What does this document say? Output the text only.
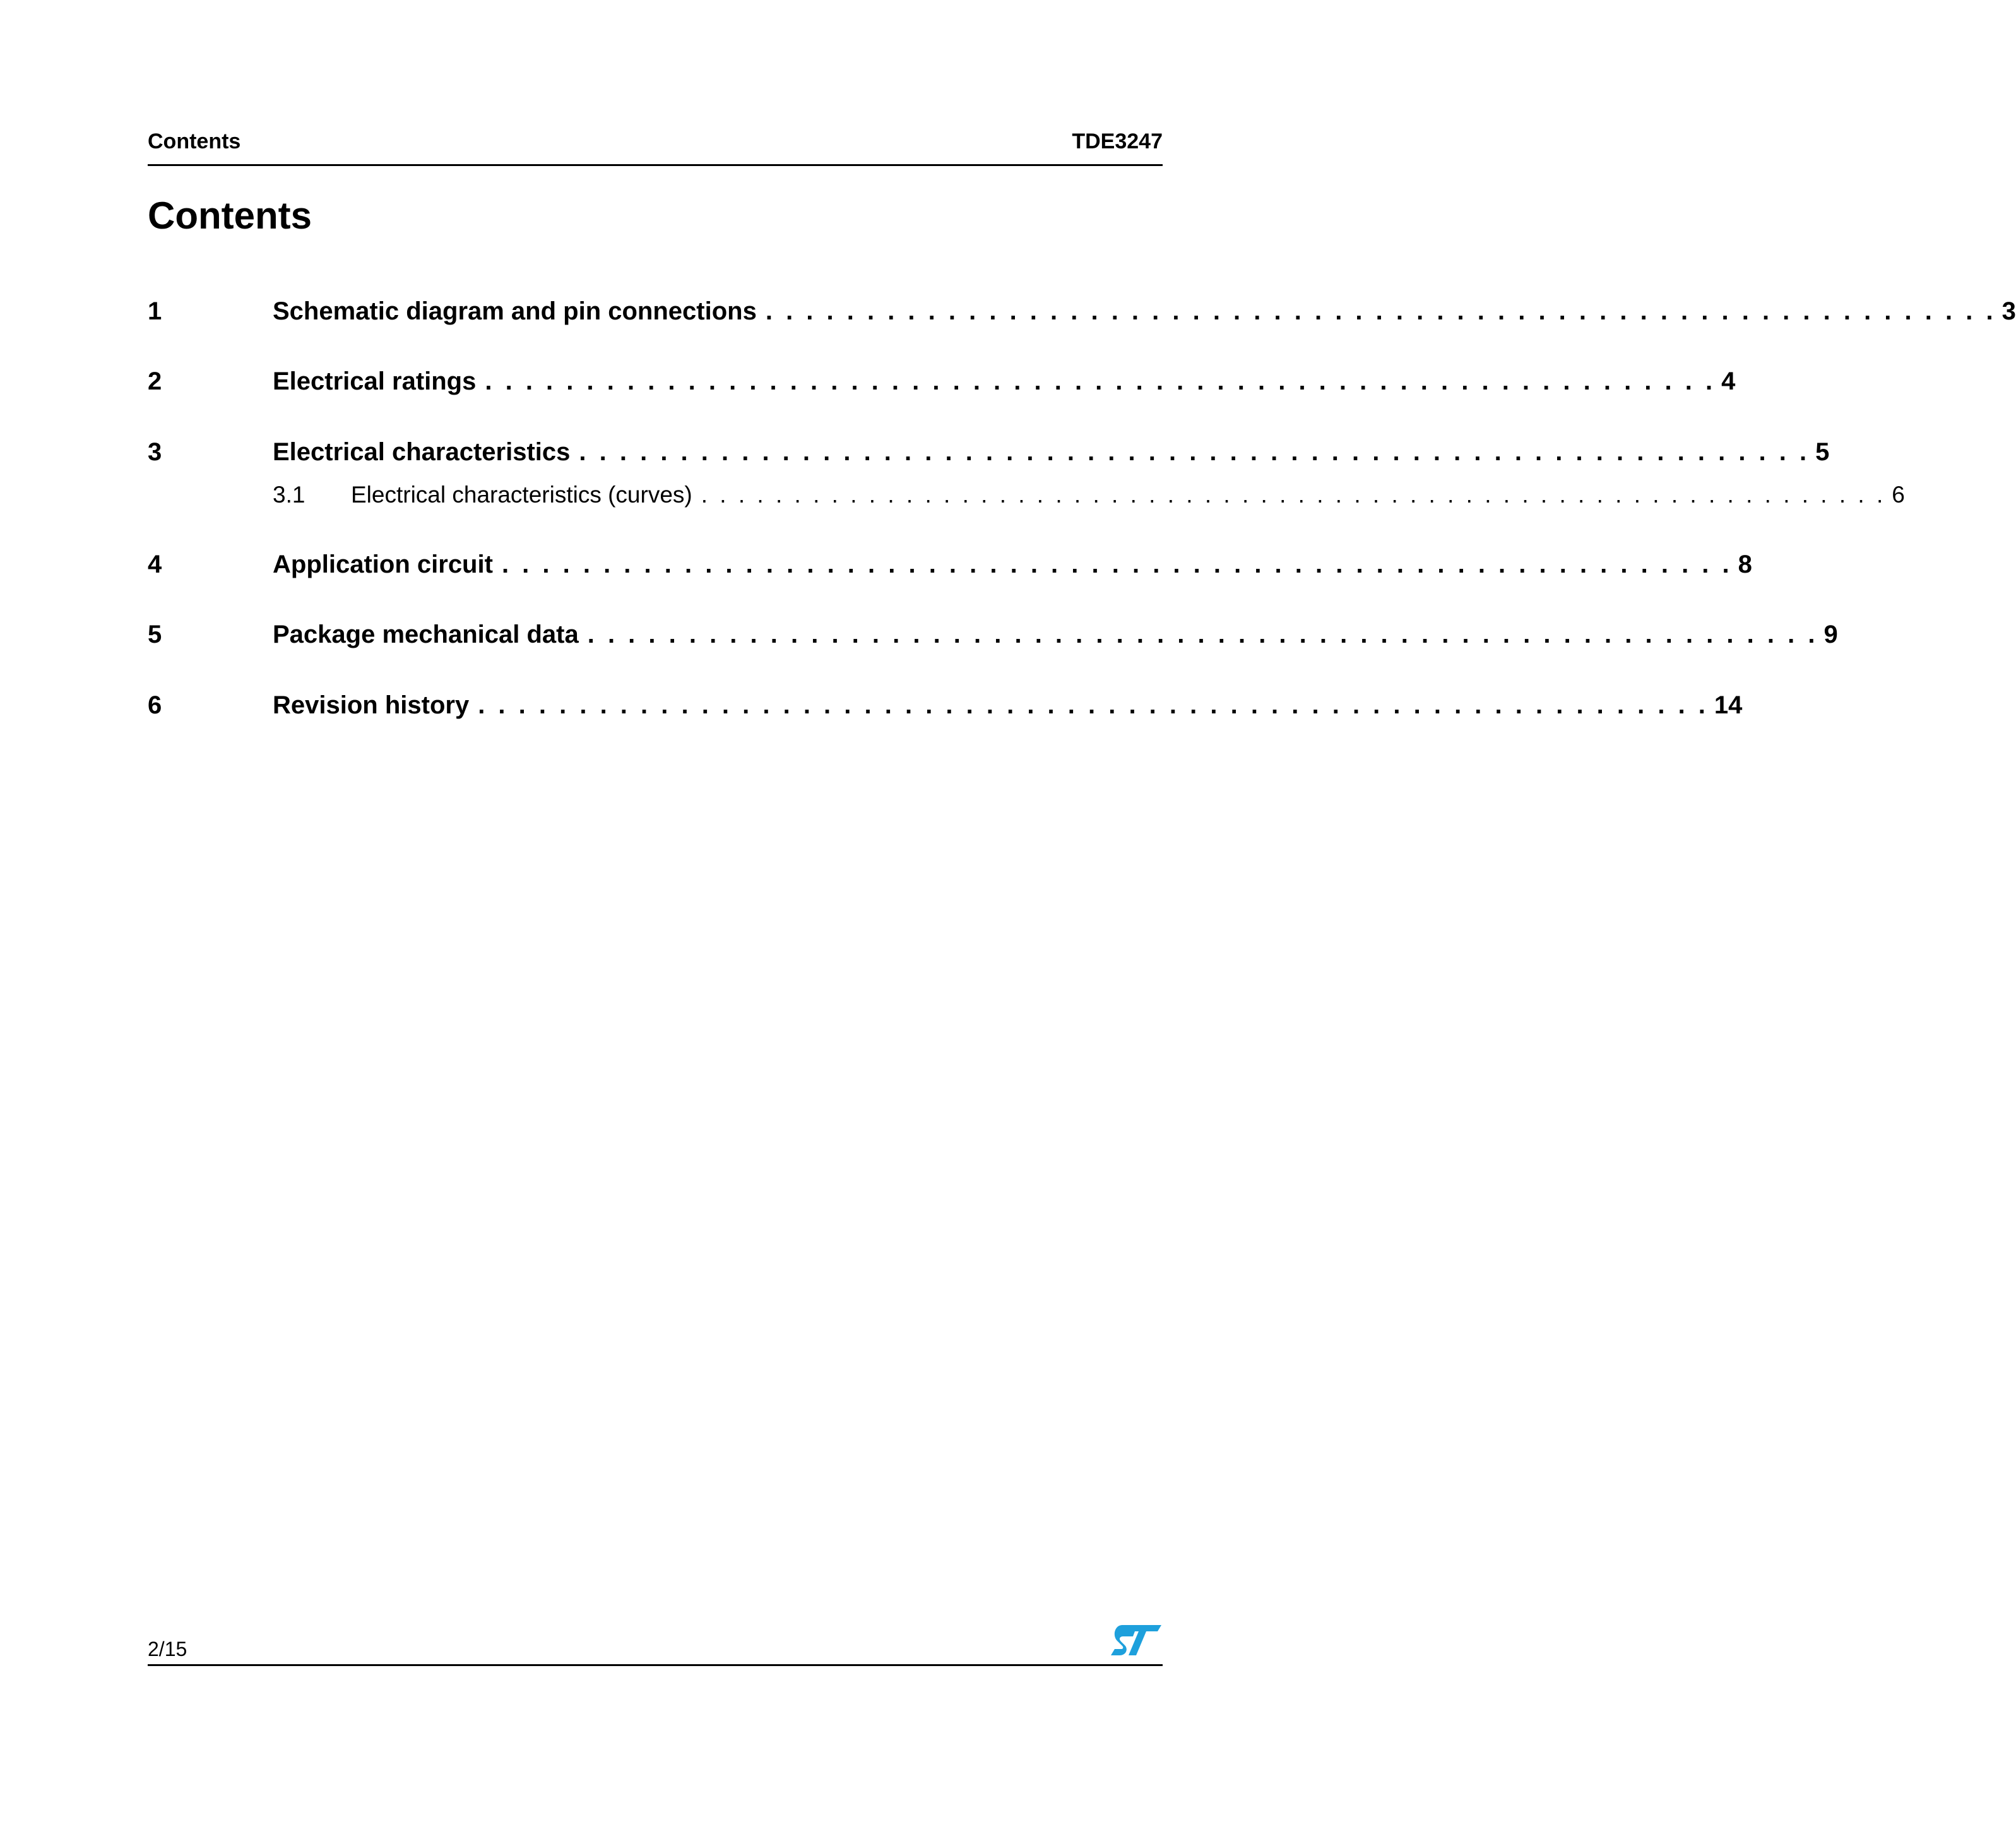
Contents	TDE3247
Contents
1	Schematic diagram and pin connections . . . . . . . . . . . . . . . . . . . . . . . . . . . . . . . . . . . . . . . . . . . . . . . . . . . . . . . . . . . . . 3
2	Electrical ratings . . . . . . . . . . . . . . . . . . . . . . . . . . . . . . . . . . . . . . . . . . . . . . . . . . . . . . . . . . . . . 4
3	Electrical characteristics . . . . . . . . . . . . . . . . . . . . . . . . . . . . . . . . . . . . . . . . . . . . . . . . . . . . . . . . . . . . . 5
3.1	Electrical characteristics (curves) . . . . . . . . . . . . . . . . . . . . . . . . . . . . . . . . . . . . . . . . . . . . . . . . . . . . . . . . . . . . . . . . 6
4	Application circuit . . . . . . . . . . . . . . . . . . . . . . . . . . . . . . . . . . . . . . . . . . . . . . . . . . . . . . . . . . . . . 8
5	Package mechanical data . . . . . . . . . . . . . . . . . . . . . . . . . . . . . . . . . . . . . . . . . . . . . . . . . . . . . . . . . . . . . 9
6	Revision history . . . . . . . . . . . . . . . . . . . . . . . . . . . . . . . . . . . . . . . . . . . . . . . . . . . . . . . . . . . . . 14
2/15
